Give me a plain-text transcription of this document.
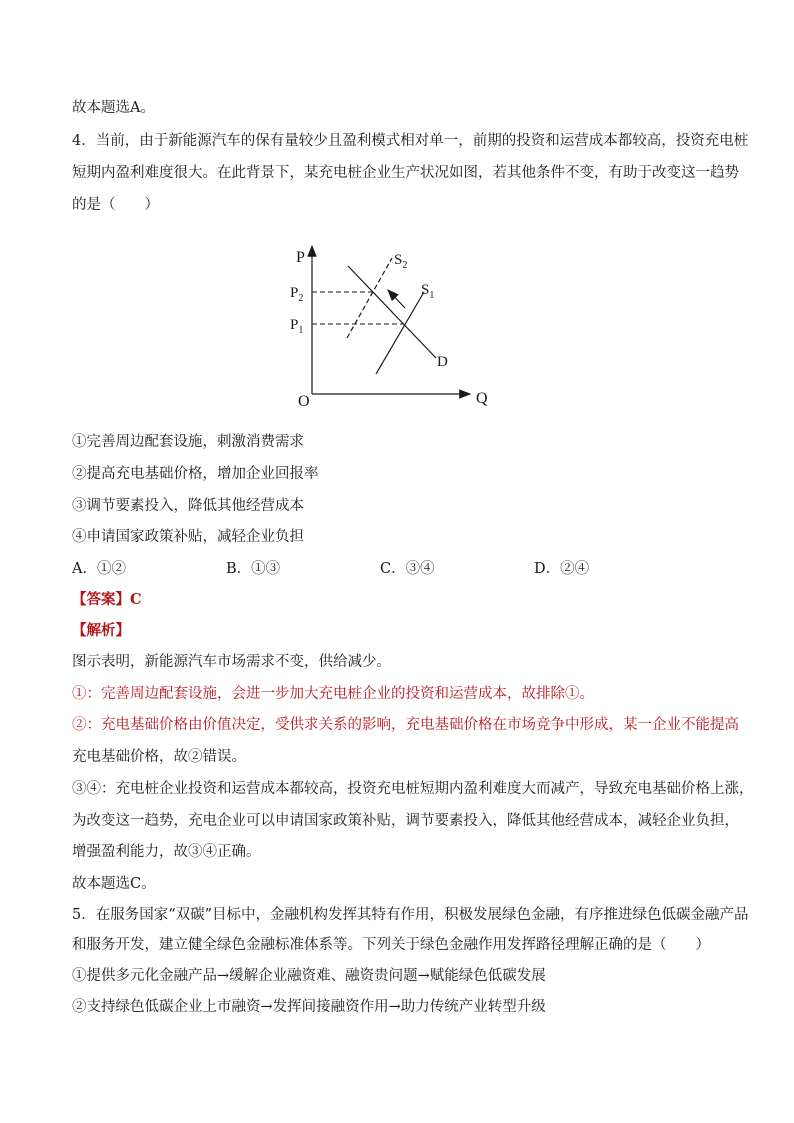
故本题选A。
4．当前，由于新能源汽车的保有量较少且盈利模式相对单一，前期的投资和运营成本都较高，投资充电桩
短期内盈利难度很大。在此背景下，某充电桩企业生产状况如图，若其他条件不变，有助于改变这一趋势
的是（　　）
P
$P_2$
$P_1$
O	Q
$S_2$
$S_1$
D
①完善周边配套设施，刺激消费需求
②提高充电基础价格，增加企业回报率
③调节要素投入，降低其他经营成本
④申请国家政策补贴，减轻企业负担
A．①②	B．①③	C．③④	D．②④
【答案】C
【解析】
图示表明，新能源汽车市场需求不变，供给减少。
①：完善周边配套设施，会进一步加大充电桩企业的投资和运营成本，故排除①。
②：充电基础价格由价值决定，受供求关系的影响，充电基础价格在市场竞争中形成，某一企业不能提高
充电基础价格，故②错误。
③④：充电桩企业投资和运营成本都较高，投资充电桩短期内盈利难度大而减产，导致充电基础价格上涨，
为改变这一趋势，充电企业可以申请国家政策补贴，调节要素投入，降低其他经营成本，减轻企业负担，
增强盈利能力，故③④正确。
故本题选C。
5．在服务国家“双碳”目标中，金融机构发挥其特有作用，积极发展绿色金融，有序推进绿色低碳金融产品
和服务开发，建立健全绿色金融标准体系等。下列关于绿色金融作用发挥路径理解正确的是（　　）
①提供多元化金融产品→缓解企业融资难、融资贵问题→赋能绿色低碳发展
②支持绿色低碳企业上市融资→发挥间接融资作用→助力传统产业转型升级
